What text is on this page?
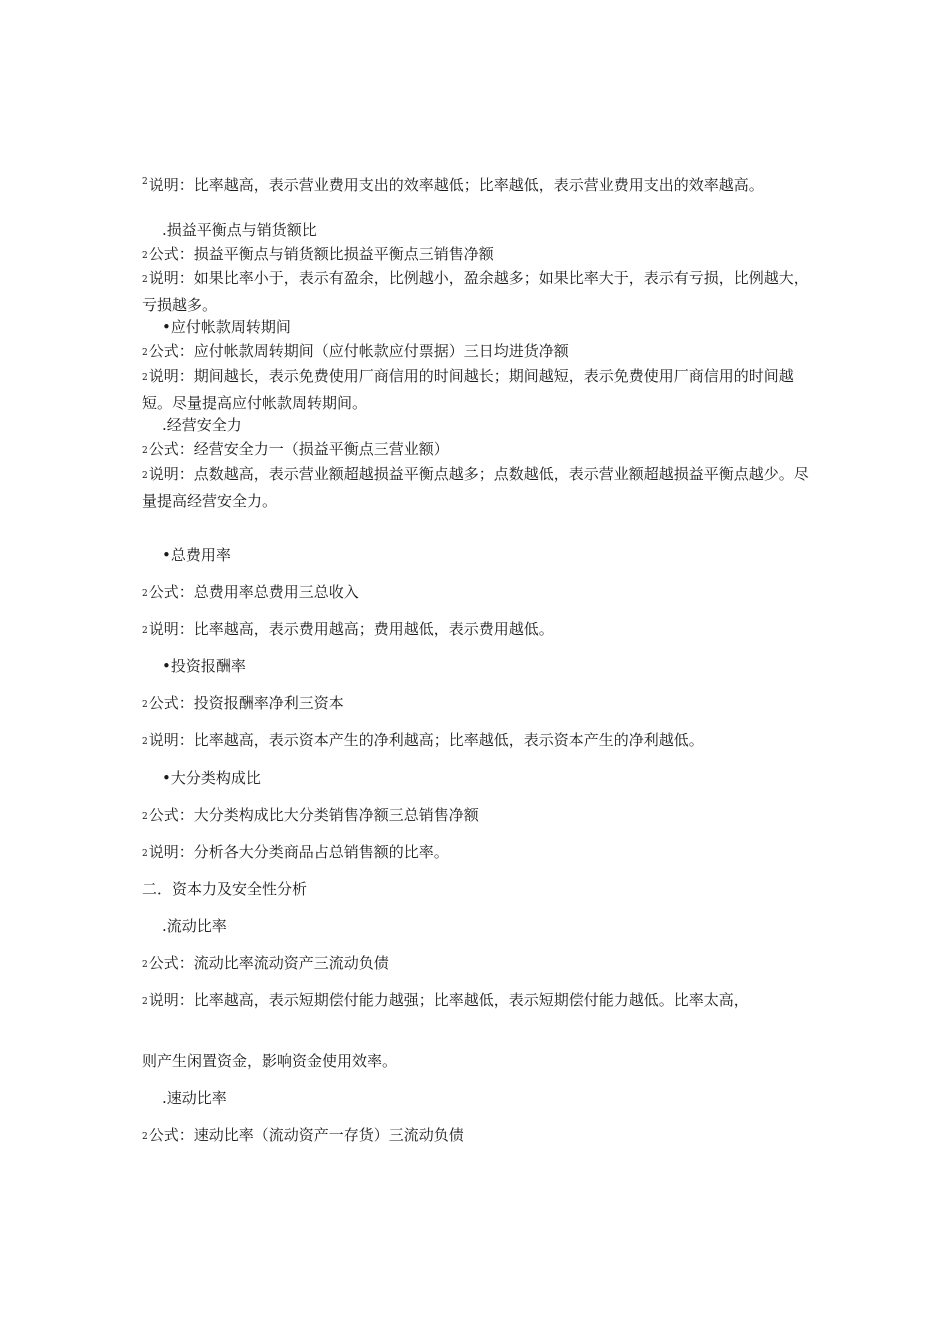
$^2$说明：比率越高，表示营业费用支出的效率越低；比率越低，表示营业费用支出的效率越高。
.损益平衡点与销货额比
2公式：损益平衡点与销货额比损益平衡点三销售净额
2说明：如果比率小于，表示有盈余，比例越小，盈余越多；如果比率大于，表示有亏损，比例越大，亏损越多。
• 应付帐款周转期间
2公式：应付帐款周转期间（应付帐款应付票据）三日均进货净额
2说明：期间越长，表示免费使用厂商信用的时间越长；期间越短，表示免费使用厂商信用的时间越短。尽量提高应付帐款周转期间。
.经营安全力
2公式：经营安全力一（损益平衡点三营业额）
2说明：点数越高，表示营业额超越损益平衡点越多；点数越低，表示营业额超越损益平衡点越少。尽量提高经营安全力。
• 总费用率
2公式：总费用率总费用三总收入
2说明：比率越高，表示费用越高；费用越低，表示费用越低。
• 投资报酬率
2公式：投资报酬率净利三资本
2说明：比率越高，表示资本产生的净利越高；比率越低，表示资本产生的净利越低。
• 大分类构成比
2公式：大分类构成比大分类销售净额三总销售净额
2说明：分析各大分类商品占总销售额的比率。
二．资本力及安全性分析
.流动比率
2公式：流动比率流动资产三流动负债
2说明：比率越高，表示短期偿付能力越强；比率越低，表示短期偿付能力越低。比率太高，
则产生闲置资金，影响资金使用效率。
.速动比率
2公式：速动比率（流动资产一存货）三流动负债
